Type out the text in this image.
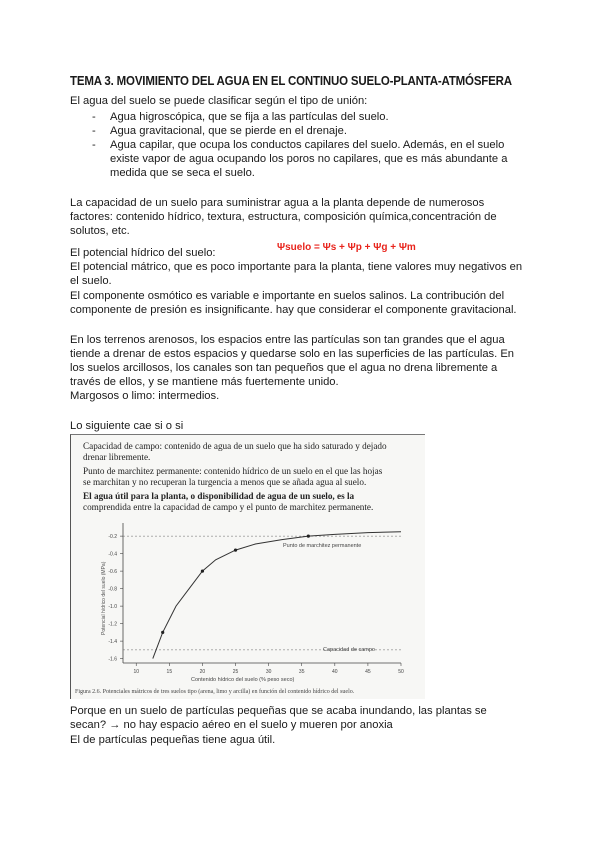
TEMA 3. MOVIMIENTO DEL AGUA EN EL CONTINUO SUELO-PLANTA-ATMÓSFERA
El agua del suelo se puede clasificar según el tipo de unión:
- Agua higroscópica, que se fija a las partículas del suelo.
- Agua gravitacional, que se pierde en el drenaje.
- Agua capilar, que ocupa los conductos capilares del suelo. Además, en el suelo
existe vapor de agua ocupando los poros no capilares, que es más abundante a
medida que se seca el suelo.
La capacidad de un suelo para suministrar agua a la planta depende de numerosos
factores: contenido hídrico, textura, estructura, composición química,concentración de
solutos, etc.
El potencial hídrico del suelo:	Ψsuelo = Ψs + Ψp + Ψg + Ψm
El potencial mátrico, que es poco importante para la planta, tiene valores muy negativos en
el suelo.
El componente osmótico es variable e importante en suelos salinos. La contribución del
componente de presión es insignificante. hay que considerar el componente gravitacional.
En los terrenos arenosos, los espacios entre las partículas son tan grandes que el agua
tiende a drenar de estos espacios y quedarse solo en las superficies de las partículas. En
los suelos arcillosos, los canales son tan pequeños que el agua no drena libremente a
través de ellos, y se mantiene más fuertemente unido.
Margosos o limo: intermedios.
Lo siguiente cae si o si
Capacidad de campo: contenido de agua de un suelo que ha sido saturado y dejado
drenar libremente.
Punto de marchitez permanente: contenido hídrico de un suelo en el que las hojas
se marchitan y no recuperan la turgencia a menos que se añada agua al suelo.
El agua útil para la planta, o disponibilidad de agua de un suelo, es la
comprendida entre la capacidad de campo y el punto de marchitez permanente.
-1.6
-1.4
-1.2
-1.0
-0.8
-0.6
-0.4
-0.2
10	15	20	25	30	35	40	45	50
Punto de marchitez permanente
Capacidad de campo
Contenido hídrico del suelo (% peso seco)
Potencial hídrico del suelo (MPa)
Figura 2.6. Potenciales mátricos de tres suelos tipo (arena, limo y arcilla) en función del contenido hídrico del suelo.
Porque en un suelo de partículas pequeñas que se acaba inundando, las plantas se
secan? → no hay espacio aéreo en el suelo y mueren por anoxia
El de partículas pequeñas tiene agua útil.
